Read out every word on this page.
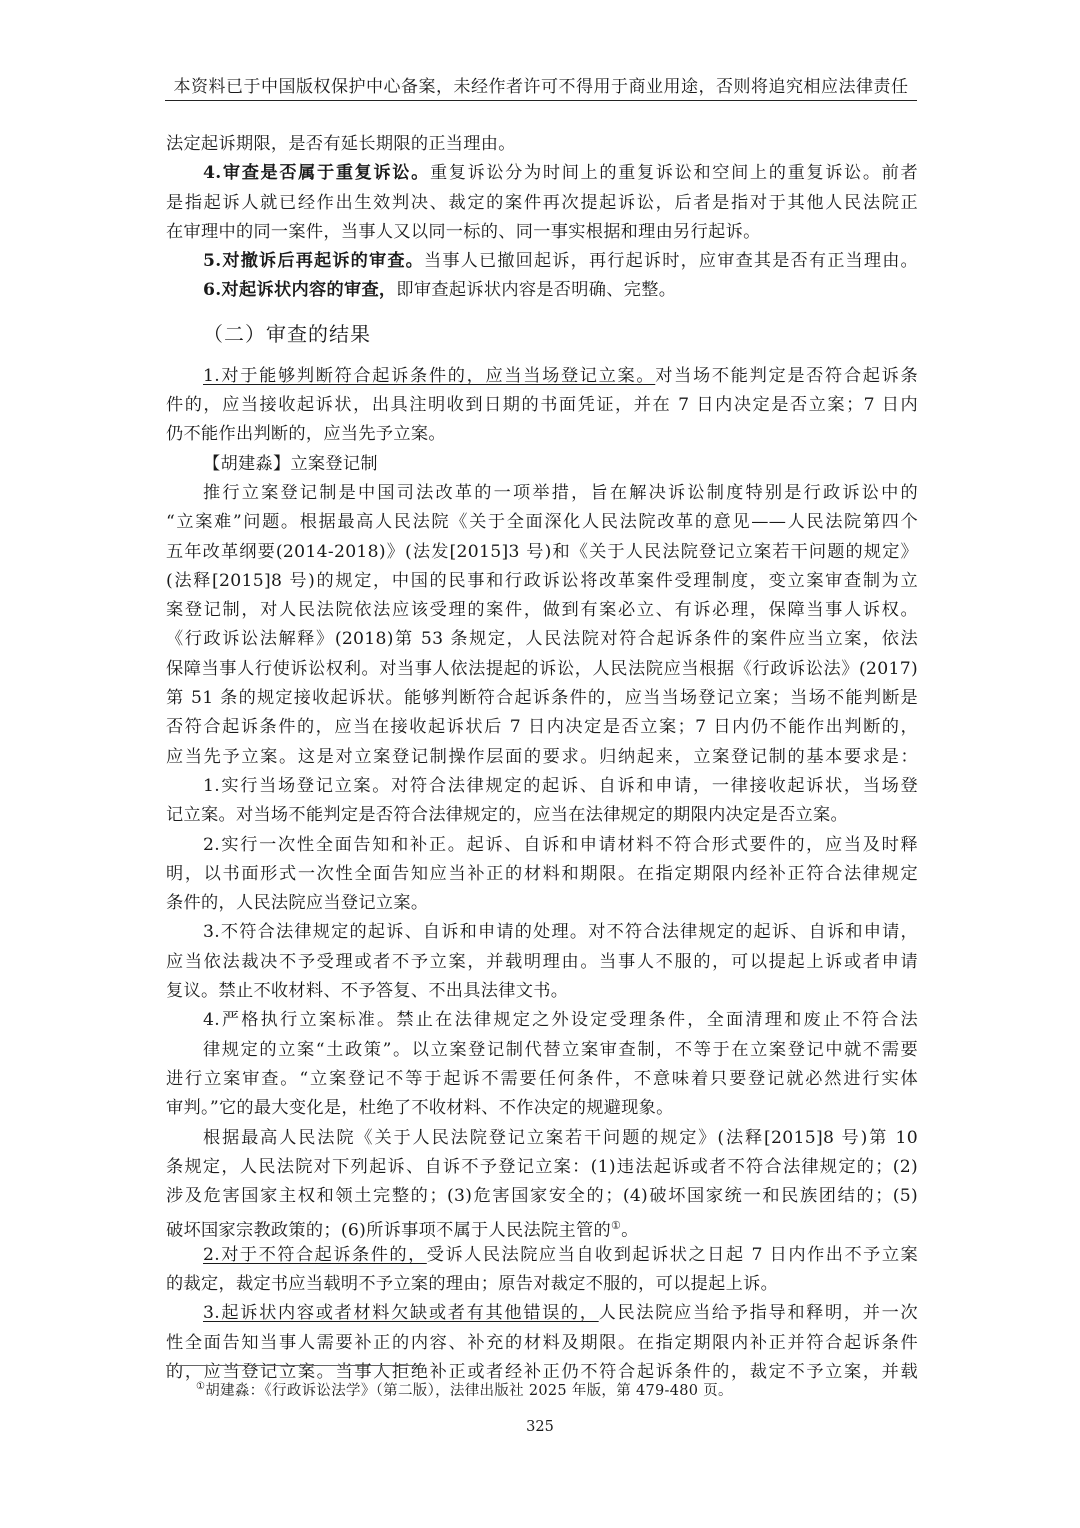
本资料已于中国版权保护中心备案，未经作者许可不得用于商业用途，否则将追究相应法律责任
法定起诉期限，是否有延长期限的正当理由。
4.审查是否属于重复诉讼。重复诉讼分为时间上的重复诉讼和空间上的重复诉讼。前者
是指起诉人就已经作出生效判决、裁定的案件再次提起诉讼，后者是指对于其他人民法院正
在审理中的同一案件，当事人又以同一标的、同一事实根据和理由另行起诉。
5.对撤诉后再起诉的审查。当事人已撤回起诉，再行起诉时，应审查其是否有正当理由。
6.对起诉状内容的审查，即审查起诉状内容是否明确、完整。
（二）审查的结果
1.对于能够判断符合起诉条件的，应当当场登记立案。对当场不能判定是否符合起诉条
件的，应当接收起诉状，出具注明收到日期的书面凭证，并在 7 日内决定是否立案；7 日内
仍不能作出判断的，应当先予立案。
【胡建淼】立案登记制
推行立案登记制是中国司法改革的一项举措，旨在解决诉讼制度特别是行政诉讼中的
“立案难”问题。根据最高人民法院《关于全面深化人民法院改革的意见——人民法院第四个
五年改革纲要(2014-2018)》(法发[2015]3 号)和《关于人民法院登记立案若干问题的规定》
(法释[2015]8 号)的规定，中国的民事和行政诉讼将改革案件受理制度，变立案审查制为立
案登记制，对人民法院依法应该受理的案件，做到有案必立、有诉必理，保障当事人诉权。
《行政诉讼法解释》(2018)第 53 条规定，人民法院对符合起诉条件的案件应当立案，依法
保障当事人行使诉讼权利。对当事人依法提起的诉讼，人民法院应当根据《行政诉讼法》(2017)
第 51 条的规定接收起诉状。能够判断符合起诉条件的，应当当场登记立案；当场不能判断是
否符合起诉条件的，应当在接收起诉状后 7 日内决定是否立案；7 日内仍不能作出判断的，
应当先予立案。这是对立案登记制操作层面的要求。归纳起来，立案登记制的基本要求是：
1.实行当场登记立案。对符合法律规定的起诉、自诉和申请，一律接收起诉状，当场登
记立案。对当场不能判定是否符合法律规定的，应当在法律规定的期限内决定是否立案。
2.实行一次性全面告知和补正。起诉、自诉和申请材料不符合形式要件的，应当及时释
明，以书面形式一次性全面告知应当补正的材料和期限。在指定期限内经补正符合法律规定
条件的，人民法院应当登记立案。
3.不符合法律规定的起诉、自诉和申请的处理。对不符合法律规定的起诉、自诉和申请，
应当依法裁决不予受理或者不予立案，并载明理由。当事人不服的，可以提起上诉或者申请
复议。禁止不收材料、不予答复、不出具法律文书。
4.严格执行立案标准。禁止在法律规定之外设定受理条件，全面清理和废止不符合法
律规定的立案“土政策”。以立案登记制代替立案审查制，不等于在立案登记中就不需要
进行立案审查。“立案登记不等于起诉不需要任何条件，不意味着只要登记就必然进行实体
审判。”它的最大变化是，杜绝了不收材料、不作决定的规避现象。
根据最高人民法院《关于人民法院登记立案若干问题的规定》(法释[2015]8 号)第 10
条规定，人民法院对下列起诉、自诉不予登记立案：(1)违法起诉或者不符合法律规定的；(2)
涉及危害国家主权和领土完整的；(3)危害国家安全的；(4)破坏国家统一和民族团结的；(5)
破坏国家宗教政策的；(6)所诉事项不属于人民法院主管的①。
2.对于不符合起诉条件的，受诉人民法院应当自收到起诉状之日起 7 日内作出不予立案
的裁定，裁定书应当载明不予立案的理由；原告对裁定不服的，可以提起上诉。
3.起诉状内容或者材料欠缺或者有其他错误的，人民法院应当给予指导和释明，并一次
性全面告知当事人需要补正的内容、补充的材料及期限。在指定期限内补正并符合起诉条件
的，应当登记立案。当事人拒绝补正或者经补正仍不符合起诉条件的，裁定不予立案，并载
①胡建淼：《行政诉讼法学》（第二版），法律出版社 2025 年版，第 479-480 页。
325
